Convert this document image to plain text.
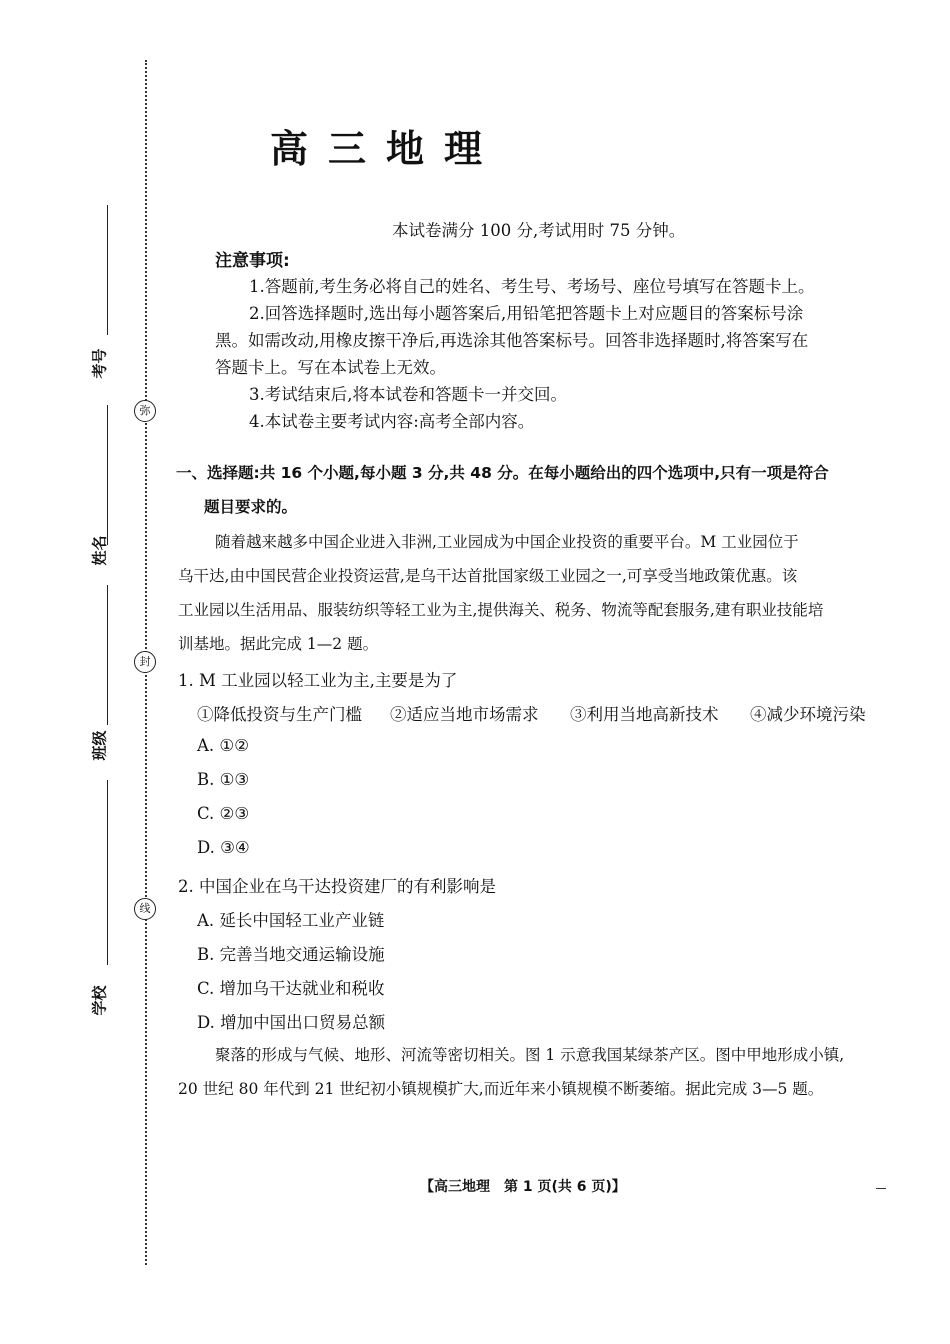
考号
姓名
班级
学校
弥
封
线
高三地理
本试卷满分 100 分,考试用时 75 分钟。
注意事项:
1.答题前,考生务必将自己的姓名、考生号、考场号、座位号填写在答题卡上。
2.回答选择题时,选出每小题答案后,用铅笔把答题卡上对应题目的答案标号涂
黑。如需改动,用橡皮擦干净后,再选涂其他答案标号。回答非选择题时,将答案写在
答题卡上。写在本试卷上无效。
3.考试结束后,将本试卷和答题卡一并交回。
4.本试卷主要考试内容:高考全部内容。
一、选择题:共 16 个小题,每小题 3 分,共 48 分。在每小题给出的四个选项中,只有一项是符合
题目要求的。
随着越来越多中国企业进入非洲,工业园成为中国企业投资的重要平台。M 工业园位于
乌干达,由中国民营企业投资运营,是乌干达首批国家级工业园之一,可享受当地政策优惠。该
工业园以生活用品、服装纺织等轻工业为主,提供海关、税务、物流等配套服务,建有职业技能培
训基地。据此完成 1—2 题。
1. M 工业园以轻工业为主,主要是为了
①降低投资与生产门槛 ②适应当地市场需求 ③利用当地高新技术 ④减少环境污染
A. ①②
B. ①③
C. ②③
D. ③④
2. 中国企业在乌干达投资建厂的有利影响是
A. 延长中国轻工业产业链
B. 完善当地交通运输设施
C. 增加乌干达就业和税收
D. 增加中国出口贸易总额
聚落的形成与气候、地形、河流等密切相关。图 1 示意我国某绿茶产区。图中甲地形成小镇,
20 世纪 80 年代到 21 世纪初小镇规模扩大,而近年来小镇规模不断萎缩。据此完成 3—5 题。
【高三地理　第 1 页(共 6 页)】
